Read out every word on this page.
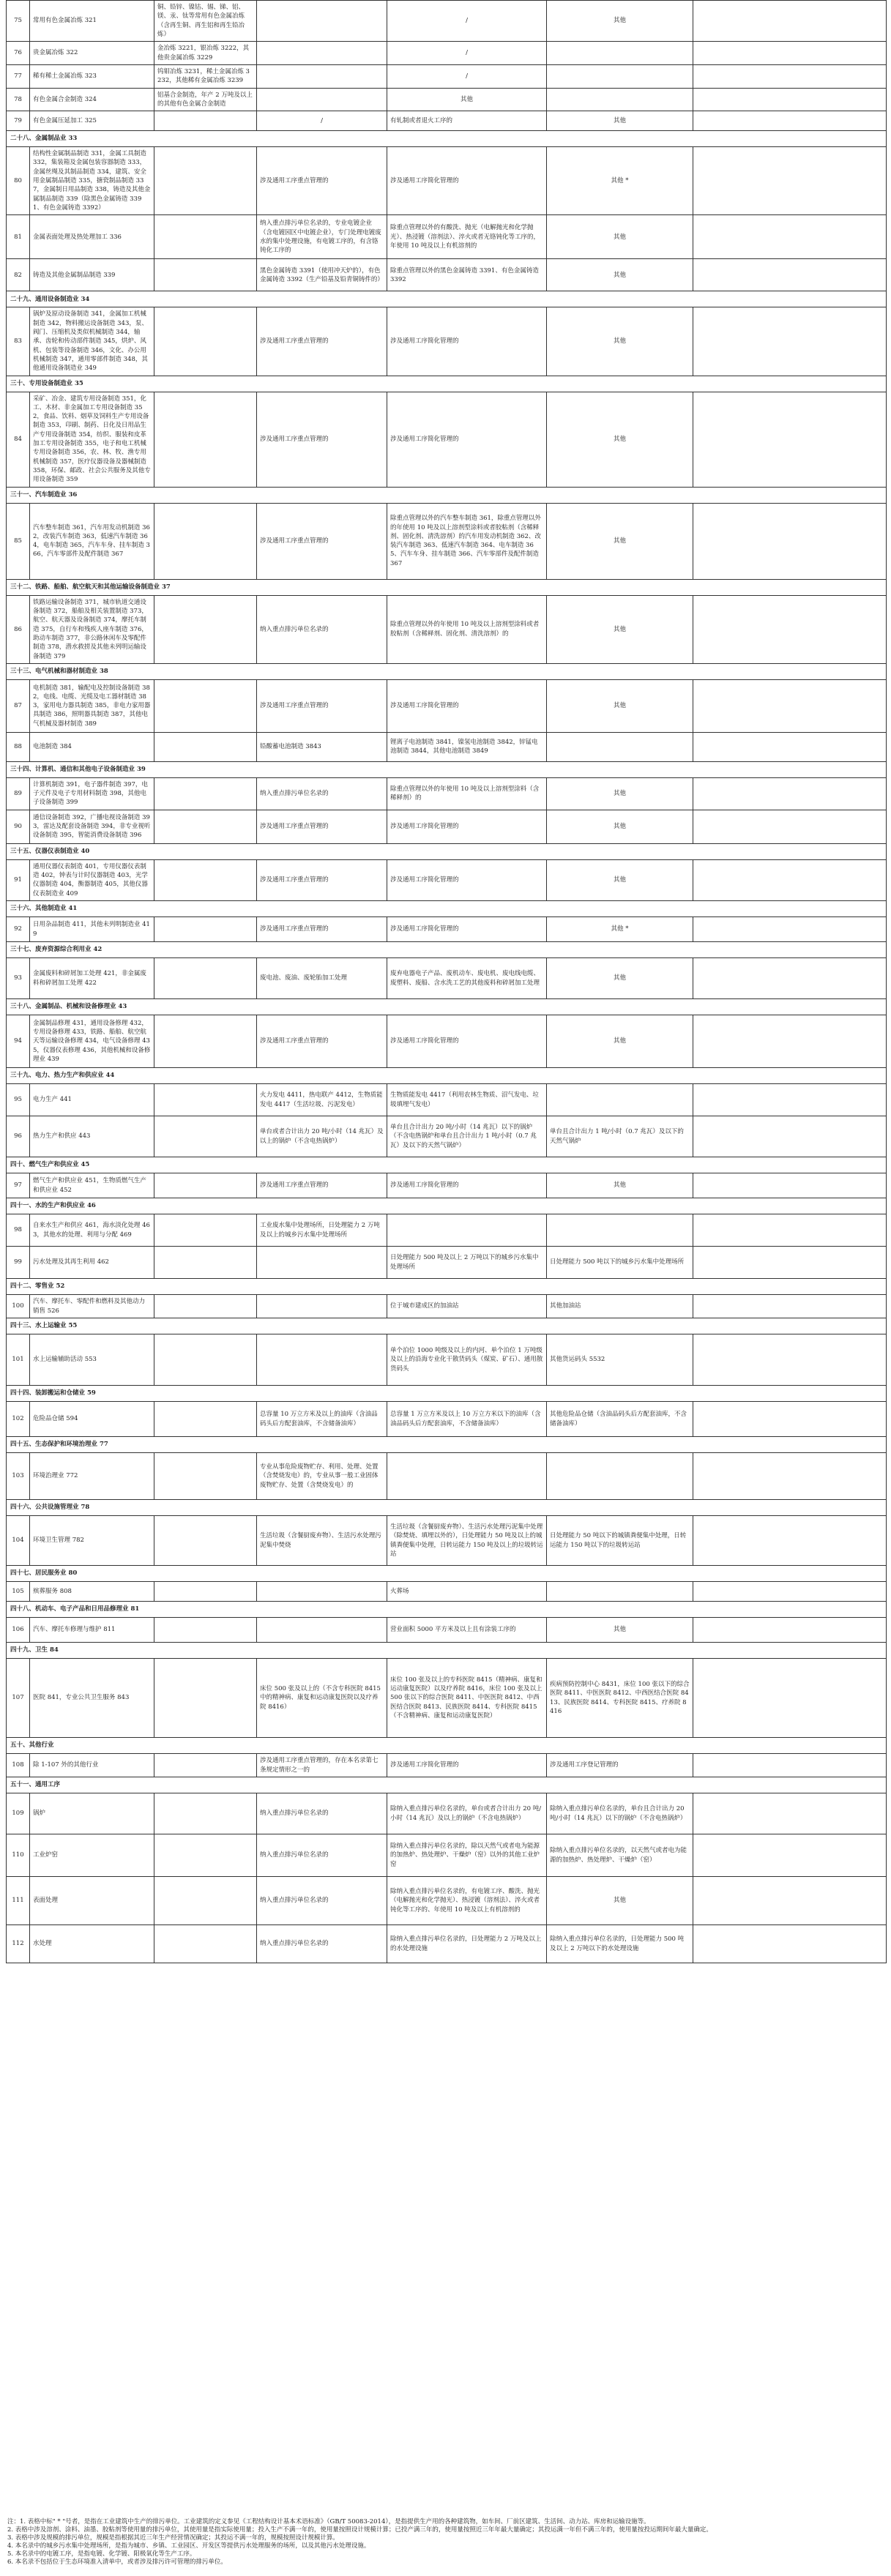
75	常用有色金属冶炼 321	铜、铅锌、镍钴、锡、锑、铝、镁、汞、钛等常用有色金属冶炼（含再生铜、再生铝和再生铅冶炼）		/	其他	
76	贵金属冶炼 322	金冶炼 3221，银冶炼 3222，其他贵金属冶炼 3229		/		
77	稀有稀土金属冶炼 323	钨钼冶炼 3231，稀土金属冶炼 3232，其他稀有金属冶炼 3239		/		
78	有色金属合金制造 324	铝基合金制造，年产 2 万吨及以上的其他有色金属合金制造		其他		
79	有色金属压延加工 325		/	有轧制或者退火工序的	其他	
二十八、金属制品业 33						
80	结构性金属制品制造 331，金属工具制造 332，集装箱及金属包装容器制造 333，金属丝绳及其制品制造 334，建筑、安全用金属制品制造 335，搪瓷制品制造 337，金属制日用品制造 338，铸造及其他金属制品制造 339（除黑色金属铸造 3391、有色金属铸造 3392）		涉及通用工序重点管理的	涉及通用工序简化管理的	其他 *	
81	金属表面处理及热处理加工 336		纳入重点排污单位名录的，专业电镀企业（含电镀园区中电镀企业），专门处理电镀废水的集中处理设施，有电镀工序的，有含铬钝化工序的	除重点管理以外的有酸洗、抛光（电解抛光和化学抛光）、热浸镀（溶剂法）、淬火或者无铬钝化等工序的，年使用 10 吨及以上有机溶剂的	其他	
82	铸造及其他金属制品制造 339		黑色金属铸造 3391（使用冲天炉的），有色金属铸造 3392（生产铅基及铅青铜铸件的）	除重点管理以外的黑色金属铸造 3391、有色金属铸造 3392	其他	
二十九、通用设备制造业 34						
83	锅炉及原动设备制造 341，金属加工机械制造 342，物料搬运设备制造 343，泵、阀门、压缩机及类似机械制造 344，轴承、齿轮和传动部件制造 345，烘炉、风机、包装等设备制造 346，文化、办公用机械制造 347，通用零部件制造 348，其他通用设备制造业 349		涉及通用工序重点管理的	涉及通用工序简化管理的	其他	
三十、专用设备制造业 35						
84	采矿、冶金、建筑专用设备制造 351，化工、木材、非金属加工专用设备制造 352，食品、饮料、烟草及饲料生产专用设备制造 353，印刷、制药、日化及日用品生产专用设备制造 354，纺织、服装和皮革加工专用设备制造 355，电子和电工机械专用设备制造 356，农、林、牧、渔专用机械制造 357，医疗仪器设备及器械制造 358，环保、邮政、社会公共服务及其他专用设备制造 359		涉及通用工序重点管理的	涉及通用工序简化管理的	其他	
三十一、汽车制造业 36						
85	汽车整车制造 361，汽车用发动机制造 362，改装汽车制造 363，低速汽车制造 364，电车制造 365，汽车车身、挂车制造 366，汽车零部件及配件制造 367		涉及通用工序重点管理的	除重点管理以外的汽车整车制造 361，除重点管理以外的年使用 10 吨及以上溶剂型涂料或者胶粘剂（含稀释剂、固化剂、清洗溶剂）的汽车用发动机制造 362、改装汽车制造 363、低速汽车制造 364、电车制造 365、汽车车身、挂车制造 366、汽车零部件及配件制造 367	其他	
三十二、铁路、船舶、航空航天和其他运输设备制造业 37						
86	铁路运输设备制造 371，城市轨道交通设备制造 372，船舶及相关装置制造 373，航空、航天器及设备制造 374，摩托车制造 375，自行车和残疾人座车制造 376，助动车制造 377，非公路休闲车及零配件制造 378，潜水救捞及其他未列明运输设备制造 379		纳入重点排污单位名录的	除重点管理以外的年使用 10 吨及以上溶剂型涂料或者胶粘剂（含稀释剂、固化剂、清洗溶剂）的	其他	
三十三、电气机械和器材制造业 38						
87	电机制造 381，输配电及控制设备制造 382，电线、电缆、光缆及电工器材制造 383，家用电力器具制造 385，非电力家用器具制造 386，照明器具制造 387，其他电气机械及器材制造 389		涉及通用工序重点管理的	涉及通用工序简化管理的	其他	
88	电池制造 384		铅酸蓄电池制造 3843	锂离子电池制造 3841，镍氢电池制造 3842，锌锰电池制造 3844，其他电池制造 3849		
三十四、计算机、通信和其他电子设备制造业 39						
89	计算机制造 391，电子器件制造 397，电子元件及电子专用材料制造 398，其他电子设备制造 399		纳入重点排污单位名录的	除重点管理以外的年使用 10 吨及以上溶剂型涂料（含稀释剂）的	其他	
90	通信设备制造 392，广播电视设备制造 393，雷达及配套设备制造 394，非专业视听设备制造 395，智能消费设备制造 396		涉及通用工序重点管理的	涉及通用工序简化管理的	其他	
三十五、仪器仪表制造业 40						
91	通用仪器仪表制造 401，专用仪器仪表制造 402，钟表与计时仪器制造 403，光学仪器制造 404，衡器制造 405，其他仪器仪表制造业 409		涉及通用工序重点管理的	涉及通用工序简化管理的	其他	
三十六、其他制造业 41						
92	日用杂品制造 411，其他未列明制造业 419		涉及通用工序重点管理的	涉及通用工序简化管理的	其他 *	
三十七、废弃资源综合利用业 42						
93	金属废料和碎屑加工处理 421，非金属废料和碎屑加工处理 422		废电池、废油、废轮胎加工处理	废弃电器电子产品、废机动车、废电机、废电线电缆、废塑料、废船、含水洗工艺的其他废料和碎屑加工处理	其他	
三十八、金属制品、机械和设备修理业 43						
94	金属制品修理 431，通用设备修理 432，专用设备修理 433，铁路、船舶、航空航天等运输设备修理 434，电气设备修理 435，仪器仪表修理 436，其他机械和设备修理业 439		涉及通用工序重点管理的	涉及通用工序简化管理的	其他	
三十九、电力、热力生产和供应业 44						
95	电力生产 441		火力发电 4411，热电联产 4412，生物质能发电 4417（生活垃圾、污泥发电）	生物质能发电 4417（利用农林生物质、沼气发电、垃圾填埋气发电）		
96	热力生产和供应 443		单台或者合计出力 20 吨/小时（14 兆瓦）及以上的锅炉（不含电热锅炉）	单台且合计出力 20 吨/小时（14 兆瓦）以下的锅炉（不含电热锅炉和单台且合计出力 1 吨/小时（0.7 兆瓦）及以下的天然气锅炉）	单台且合计出力 1 吨/小时（0.7 兆瓦）及以下的天然气锅炉	
四十、燃气生产和供应业 45						
97	燃气生产和供应业 451，生物质燃气生产和供应业 452		涉及通用工序重点管理的	涉及通用工序简化管理的	其他	
四十一、水的生产和供应业 46						
98	自来水生产和供应 461，海水淡化处理 463，其他水的处理、利用与分配 469		工业废水集中处理场所，日处理能力 2 万吨及以上的城乡污水集中处理场所			
99	污水处理及其再生利用 462			日处理能力 500 吨及以上 2 万吨以下的城乡污水集中处理场所	日处理能力 500 吨以下的城乡污水集中处理场所	
四十二、零售业 52						
100	汽车、摩托车、零配件和燃料及其他动力销售 526			位于城市建成区的加油站	其他加油站	
四十三、水上运输业 55						
101	水上运输辅助活动 553			单个泊位 1000 吨级及以上的内河、单个泊位 1 万吨级及以上的沿海专业化干散货码头（煤炭、矿石）、通用散货码头	其他货运码头 5532	
四十四、装卸搬运和仓储业 59						
102	危险品仓储 594		总容量 10 万立方米及以上的油库（含油品码头后方配套油库，不含储备油库）	总容量 1 万立方米及以上 10 万立方米以下的油库（含油品码头后方配套油库，不含储备油库）	其他危险品仓储（含油品码头后方配套油库，不含储备油库）	
四十五、生态保护和环境治理业 77						
103	环境治理业 772		专业从事危险废物贮存、利用、处理、处置（含焚烧发电）的，专业从事一般工业固体废物贮存、处置（含焚烧发电）的			
四十六、公共设施管理业 78						
104	环境卫生管理 782		生活垃圾（含餐厨废弃物）、生活污水处理污泥集中焚烧	生活垃圾（含餐厨废弃物）、生活污水处理污泥集中处理（除焚烧、填埋以外的），日处理能力 50 吨及以上的城镇粪便集中处理，日转运能力 150 吨及以上的垃圾转运站	日处理能力 50 吨以下的城镇粪便集中处理，日转运能力 150 吨以下的垃圾转运站	
四十七、居民服务业 80						
105	殡葬服务 808			火葬场		
四十八、机动车、电子产品和日用品修理业 81						
106	汽车、摩托车修理与维护 811			营业面积 5000 平方米及以上且有涂装工序的	其他	
四十九、卫生 84						
107	医院 841，专业公共卫生服务 843		床位 500 张及以上的（不含专科医院 8415 中的精神病、康复和运动康复医院以及疗养院 8416）	床位 100 张及以上的专科医院 8415（精神病、康复和运动康复医院）以及疗养院 8416，床位 100 张及以上 500 张以下的综合医院 8411、中医医院 8412、中西医结合医院 8413、民族医院 8414、专科医院 8415（不含精神病、康复和运动康复医院）	疾病预防控制中心 8431，床位 100 张以下的综合医院 8411、中医医院 8412、中西医结合医院 8413、民族医院 8414、专科医院 8415、疗养院 8416	
五十、其他行业						
108	除 1-107 外的其他行业		涉及通用工序重点管理的，存在本名录第七条规定情形之一的	涉及通用工序简化管理的	涉及通用工序登记管理的	
五十一、通用工序						
109	锅炉		纳入重点排污单位名录的	除纳入重点排污单位名录的，单台或者合计出力 20 吨/小时（14 兆瓦）及以上的锅炉（不含电热锅炉）	除纳入重点排污单位名录的，单台且合计出力 20 吨/小时（14 兆瓦）以下的锅炉（不含电热锅炉）	
110	工业炉窑		纳入重点排污单位名录的	除纳入重点排污单位名录的，除以天然气或者电为能源的加热炉、热处理炉、干燥炉（窑）以外的其他工业炉窑	除纳入重点排污单位名录的，以天然气或者电为能源的加热炉、热处理炉、干燥炉（窑）	
111	表面处理		纳入重点排污单位名录的	除纳入重点排污单位名录的，有电镀工序、酸洗、抛光（电解抛光和化学抛光）、热浸镀（溶剂法）、淬火或者钝化等工序的、年使用 10 吨及以上有机溶剂的	其他	
112	水处理		纳入重点排污单位名录的	除纳入重点排污单位名录的，日处理能力 2 万吨及以上的水处理设施	除纳入重点排污单位名录的，日处理能力 500 吨及以上 2 万吨以下的水处理设施	

注：1. 表格中标" * "号者，是指在工业建筑中生产的排污单位。工业建筑的定义参见《工程结构设计基本术语标准》（GB/T 50083-2014），是指提供生产用的各种建筑物，如车间、厂前区建筑、生活间、动力站、库房和运输设施等。

2. 表格中涉及溶剂、涂料、油墨、胶粘剂等使用量的排污单位，其使用量是指实际使用量；投入生产不满一年的，使用量按照设计规模计算；已投产满三年的，使用量按照近三年年最大量确定；其投运满一年但不满三年的，使用量按投运期间年最大量确定。

3. 表格中涉及规模的排污单位，规模是指根据其近三年生产经营情况确定；其投运不满一年的，规模按照设计规模计算。

4. 本名录中的城乡污水集中处理场所，是指为城市、乡镇、工业园区、开发区等提供污水处理服务的场所，以及其他污水处理设施。

5. 本名录中的电镀工序，是指电镀、化学镀、阳极氧化等生产工序。

6. 本名录不包括位于生态环境准入清单中，或者涉及排污许可管理的排污单位。
